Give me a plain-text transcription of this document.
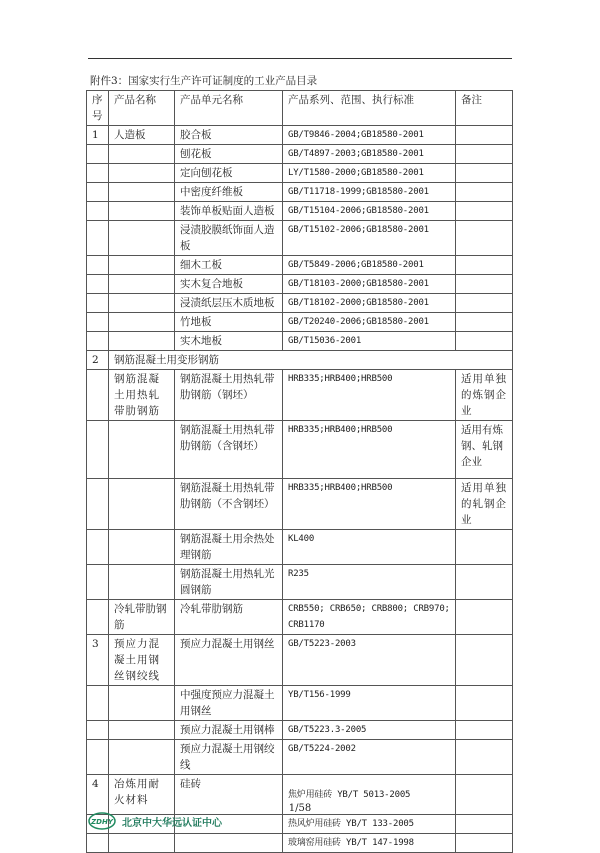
附件3：国家实行生产许可证制度的工业产品目录
序号	产品名称	产品单元名称	产品系列、范围、执行标准	备注
1	人造板	胶合板	GB/T9846-2004;GB18580-2001	
		刨花板	GB/T4897-2003;GB18580-2001	
		定向刨花板	LY/T1580-2000;GB18580-2001	
		中密度纤维板	GB/T11718-1999;GB18580-2001	
		装饰单板贴面人造板	GB/T15104-2006;GB18580-2001	
		浸渍胶膜纸饰面人造板	GB/T15102-2006;GB18580-2001	
		细木工板	GB/T5849-2006;GB18580-2001	
		实木复合地板	GB/T18103-2000;GB18580-2001	
		浸渍纸层压木质地板	GB/T18102-2000;GB18580-2001	
		竹地板	GB/T20240-2006;GB18580-2001	
		实木地板	GB/T15036-2001	
2	钢筋混凝土用变形钢筋			
	钢筋混凝土用热轧带肋钢筋	钢筋混凝土用热轧带肋钢筋（钢坯）	HRB335;HRB400;HRB500	适用单独的炼钢企业
		钢筋混凝土用热轧带肋钢筋（含钢坯）	HRB335;HRB400;HRB500	适用有炼钢、轧钢企业
		钢筋混凝土用热轧带肋钢筋（不含钢坯）	HRB335;HRB400;HRB500	适用单独的轧钢企业
		钢筋混凝土用余热处理钢筋	KL400	
		钢筋混凝土用热轧光圆钢筋	R235	
	冷轧带肋钢筋	冷轧带肋钢筋	CRB550; CRB650; CRB800; CRB970; CRB1170	
3	预应力混凝土用钢丝钢绞线	预应力混凝土用钢丝	GB/T5223-2003	
		中强度预应力混凝土用钢丝	YB/T156-1999	
		预应力混凝土用钢棒	GB/T5223.3-2005	
		预应力混凝土用钢绞线	GB/T5224-2002	
4	冶炼用耐火材料	硅砖	焦炉用硅砖 YB/T 5013-2005	
			热风炉用硅砖 YB/T 133-2005	
			玻璃窑用硅砖 YB/T 147-1998	
1/58
ZDHY 北京中大华远认证中心
